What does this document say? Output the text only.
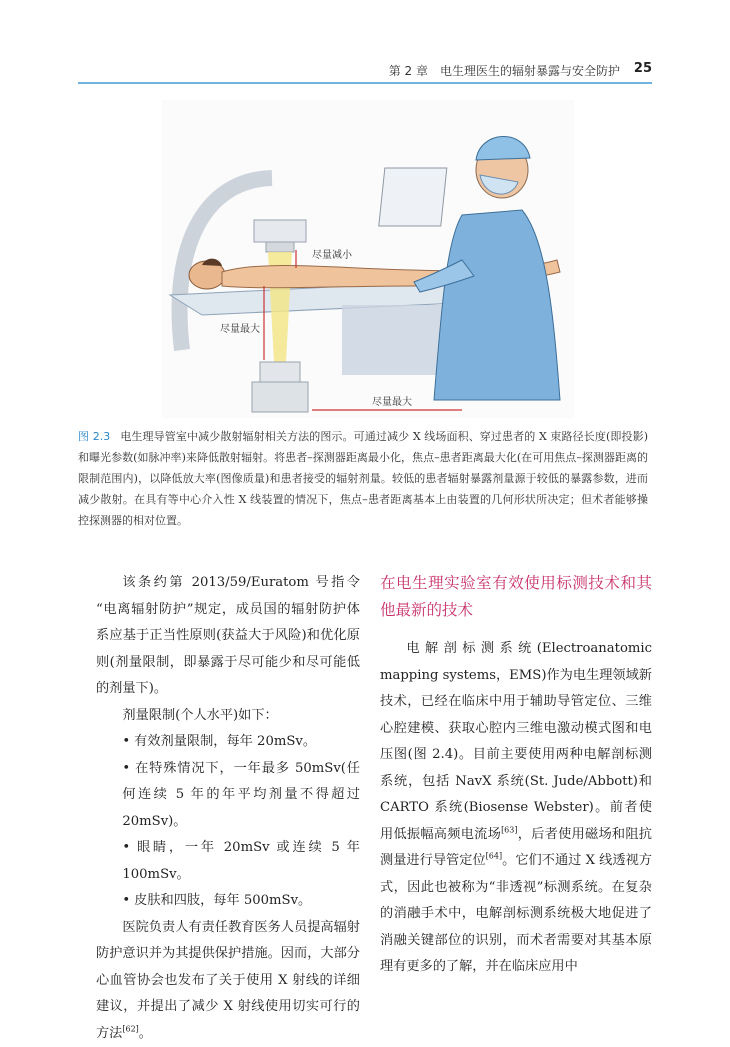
第 2 章　电生理医生的辐射暴露与安全防护 25
尽量减小
尽量最大
尽量最大
图 2.3 电生理导管室中减少散射辐射相关方法的图示。可通过减少 X 线场面积、穿过患者的 X 束路径长度(即投影)和曝光参数(如脉冲率)来降低散射辐射。将患者–探测器距离最小化，焦点–患者距离最大化(在可用焦点–探测器距离的限制范围内)，以降低放大率(图像质量)和患者接受的辐射剂量。较低的患者辐射暴露剂量源于较低的暴露参数，进而减少散射。在具有等中心介入性 X 线装置的情况下，焦点–患者距离基本上由装置的几何形状所决定；但术者能够操控探测器的相对位置。

该条约第 2013/59/Euratom 号指令 “电离辐射防护”规定，成员国的辐射防护体系应基于正当性原则(获益大于风险)和优化原则(剂量限制，即暴露于尽可能少和尽可能低的剂量下)。

剂量限制(个人水平)如下：

• 有效剂量限制，每年 20mSv。

• 在特殊情况下，一年最多 50mSv(任何连续 5 年的年平均剂量不得超过20mSv)。

• 眼睛，一年 20mSv 或连续 5 年 100mSv。

• 皮肤和四肢，每年 500mSv。

医院负责人有责任教育医务人员提高辐射防护意识并为其提供保护措施。因而，大部分心血管协会也发布了关于使用 X 射线的详细建议，并提出了减少 X 射线使用切实可行的方法[62]。

在电生理实验室有效使用标测技术和其他最新的技术

电解剖标测系统(Electroanatomic mapping systems，EMS)作为电生理领域新技术，已经在临床中用于辅助导管定位、三维心腔建模、获取心腔内三维电激动模式图和电压图(图 2.4)。目前主要使用两种电解剖标测系统，包括 NavX 系统(St. Jude/Abbott)和 CARTO 系统(Biosense Webster)。前者使用低振幅高频电流场[63]，后者使用磁场和阻抗测量进行导管定位[64]。它们不通过 X 线透视方式，因此也被称为“非透视”标测系统。在复杂的消融手术中，电解剖标测系统极大地促进了消融关键部位的识别，而术者需要对其基本原理有更多的了解，并在临床应用中
